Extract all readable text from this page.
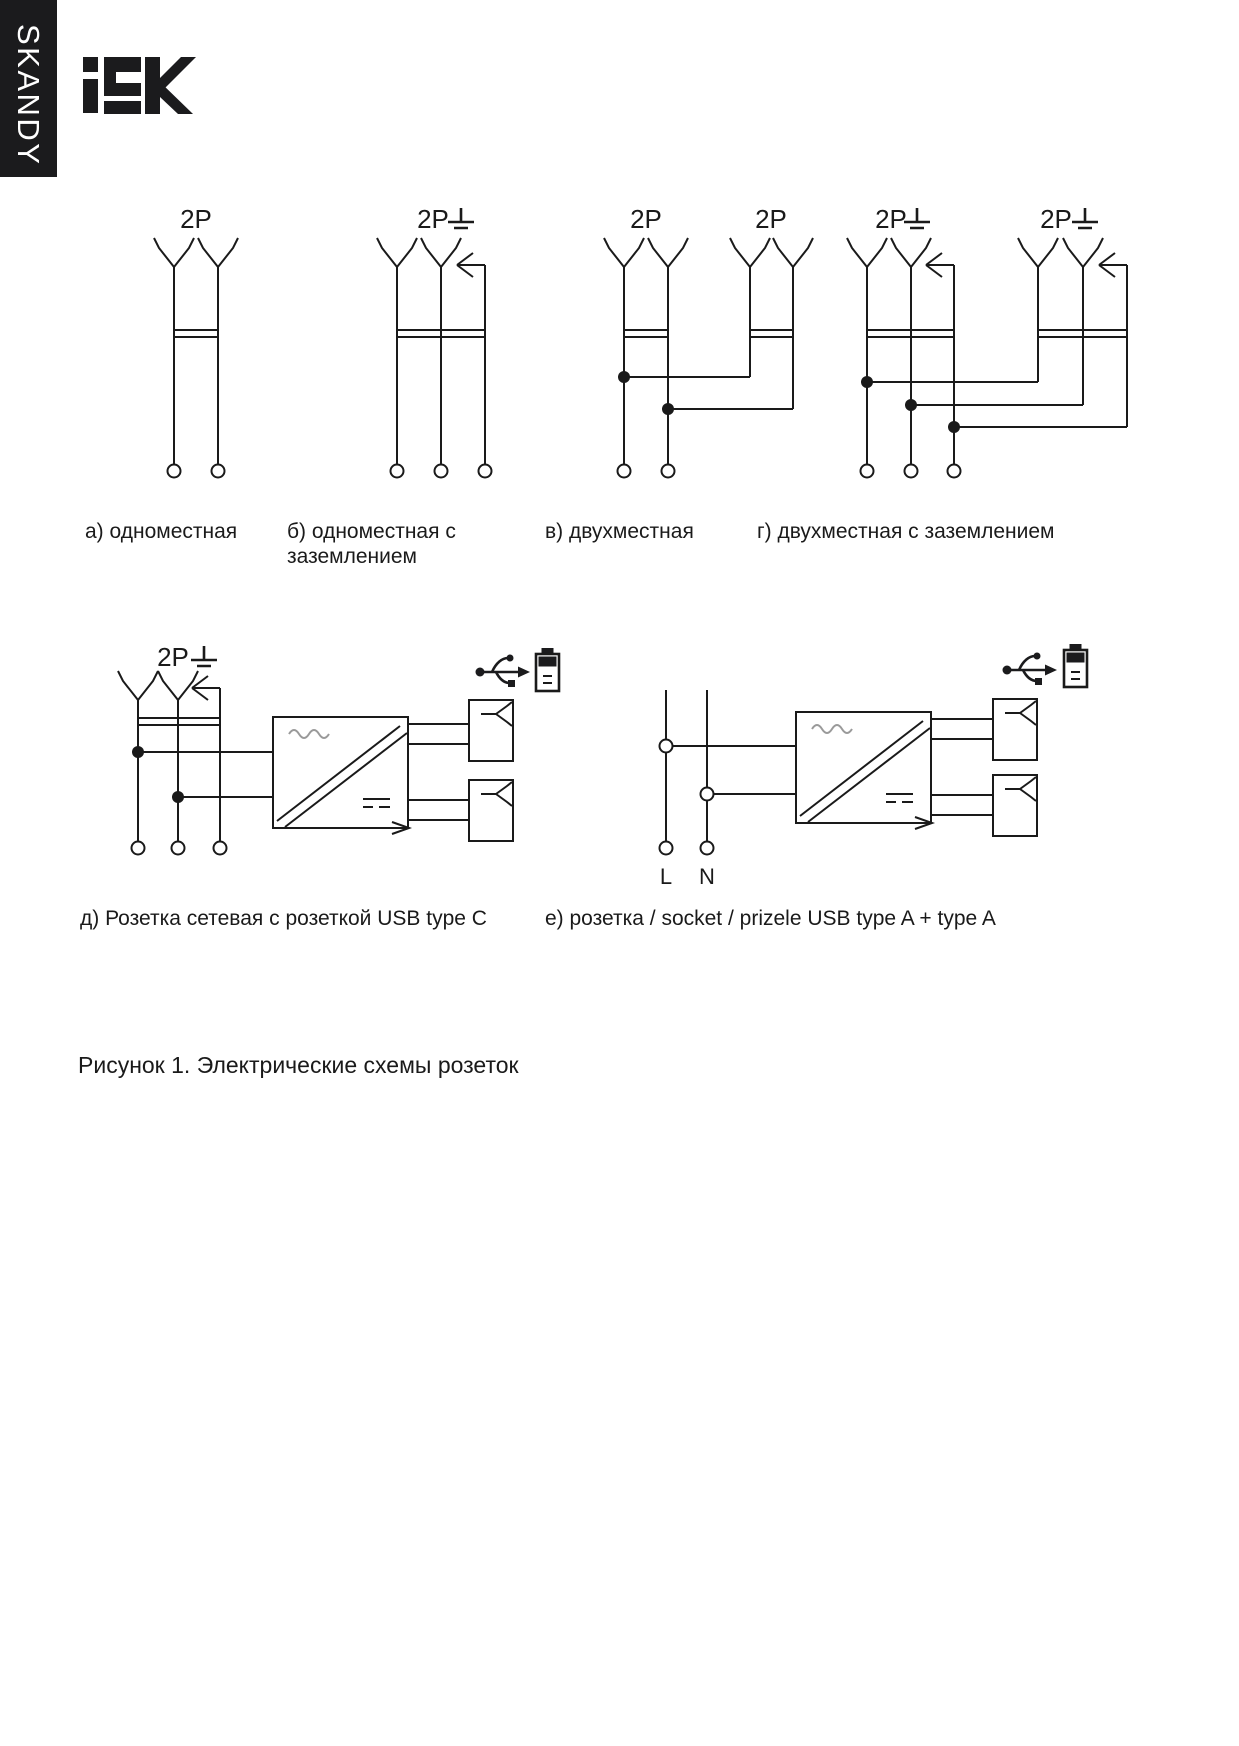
SKANDY
2P	2P	2P	2P	2P	2P
2P
L N
а) одноместная б) одноместная с
заземлением
в) двухместная	г) двухместная с заземлением
д) Розетка сетевая с розеткой USB type C	е) розетка / socket / prizele USB type A + type A
Рисунок 1. Электрические схемы розеток
